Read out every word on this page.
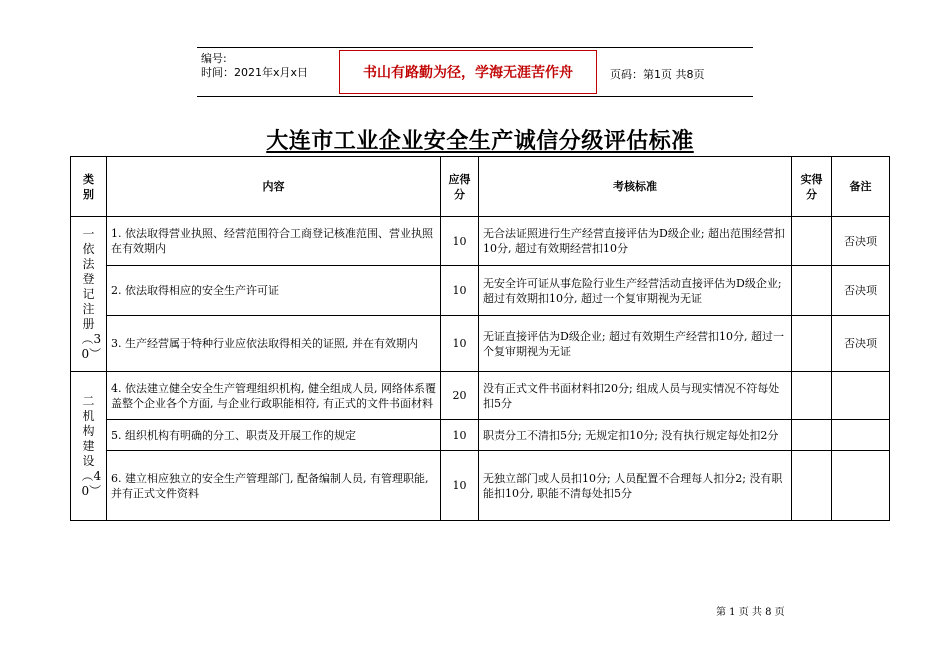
编号:
时间：2021年x月x日	书山有路勤为径，学海无涯苦作舟	页码：第1页 共8页
大连市工业企业安全生产诚信分级评估标准
类别	内容	应得分	考核标准	实得分	备注
一依法登记注册︵30︶	1. 依法取得营业执照、经营范围符合工商登记核准范围、营业执照在有效期内	10	无合法证照进行生产经营直接评估为D级企业; 超出范围经营扣10分, 超过有效期经营扣10分		否决项
	2. 依法取得相应的安全生产许可证	10	无安全许可证从事危险行业生产经营活动直接评估为D级企业; 超过有效期扣10分, 超过一个复审期视为无证		否决项
	3. 生产经营属于特种行业应依法取得相关的证照, 并在有效期内	10	无证直接评估为D级企业; 超过有效期生产经营扣10分, 超过一个复审期视为无证		否决项
二机构建设︵40︶	4. 依法建立健全安全生产管理组织机构, 健全组成人员, 网络体系覆盖整个企业各个方面, 与企业行政职能相符, 有正式的文件书面材料	20	没有正式文件书面材料扣20分; 组成人员与现实情况不符每处扣5分		
	5. 组织机构有明确的分工、职责及开展工作的规定	10	职责分工不清扣5分; 无规定扣10分; 没有执行规定每处扣2分		
	6. 建立相应独立的安全生产管理部门, 配备编制人员, 有管理职能, 并有正式文件资料	10	无独立部门或人员扣10分; 人员配置不合理每人扣分2; 没有职能扣10分, 职能不清每处扣5分		
第 1 页 共 8 页
